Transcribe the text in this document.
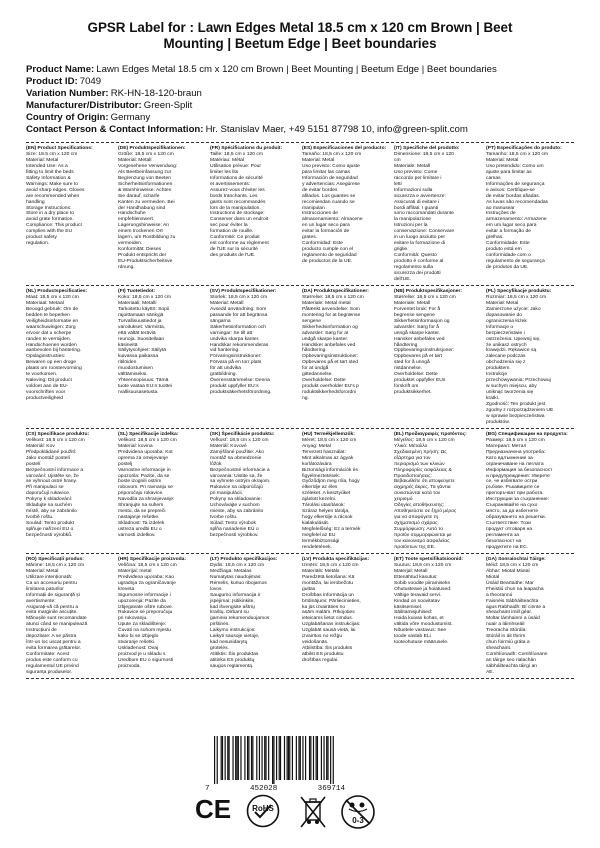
GPSR Label for : Lawn Edges Metal 18.5 cm x 120 cm Brown | Beet
Mounting | Beetum Edge | Beet boundaries
Product Name: Lawn Edges Metal 18.5 cm x 120 cm Brown | Beet Mounting | Beetum Edge | Beet boundaries
Product ID: 7049
Variation Number: RK-HN-18-120-braun
Manufacturer/Distributor: Green-Split
Country of Origin: Germany
Contact Person & Contact Information: Hr. Stanislav Maer, +49 5151 87798 10, info@green-split.com

(EN) Product Specifications:

Size: 18.5 cm x 120 cm

Material: Metal

Intended Use: As a

fitting to limit the beds

Safety Information &

Warnings: Make sure to

avoid sharp edges. Gloves

are recommended when

handling

Storage Instructions:

Store in a dry place to

avoid grate formation.

Compliance: This product

complies with the EU

product safety

regulation.

(DE) Produktspezifikationen:

Größe: 18,5 cm x 120 cm

Material: Metall

Vorgesehene Verwendung:

Als Beetbeinfassung zur

Begrenzung von Beeten

Sicherheitsinformationen

& Warnhinweise: Achten

Sie darauf, scharfe

Kanten zu vermeiden. Bei

der Handhabung sind

Handschuhe

empfehlenswert.

Lagerungshinweise: An

einem trockenen Ort

lagern, um Rostbildung zu

vermeiden.

Konformität: Dieses

Produkt entspricht der

EU-Produktsicherheitsve

rdnung.

(FR) Spécifications du produit:

Taille: 18,5 cm x 120 cm

Matériau: Métal

Utilisation prévue: Pour

limiter les lits

Informations de sécurité

et avertissements:

Assurez-vous d'éviter les

bords tranchants. Les

gants sont recommandés

lors de la manipulation.

Instructions de stockage:

Conserver dans un endroit

sec pour éviter la

formation de rouille.

Conformité: Ce produit

est conforme au règlement

de l'UE sur la sécurité

des produits de l'UE.

(ES) Especificaciones del producto:

Tamaño: 18,5 cm x 120 cm

Material: Metal

Uso previsto: Como ajuste

para limitar las camas

Información de seguridad

y advertencias: Asegúrese

de evitar bordes

afilados. Los guantes se

recomiendan cuando se

manipulan

Instrucciones de

almacenamiento: Almacene

en un lugar seco para

evitar la formación de

grates.

Conformidad: Este

producto cumple con el

reglamento de seguridad

de productos de la UE.

(IT) Specifiche del prodotto:

Dimensione: 18,5 cm x 120

cm

Materiale: Metall

Uso previsto: Come

raccordo per limitare i

letti

Informazioni sulla

sicurezza e avvertenze:

Assicurati di evitare i

bordi affilati. I guanti

sono raccomandati durante

la manipolazione

Istruzioni per la

conservazione: Conservare

in un luogo asciutto per

evitare la formazione di

griglie.

Conformità: Questo

prodotto è conforme al

regolamento sulla

sicurezza dei prodotti

dell'UE.

(PT) Especificações do produto:

Tamanho: 18,5 cm x 120 cm

Material: Metal

Uso pretendido: Como um

ajuste para limitar as

camas

Informações de segurança

e avisos: Certifique-se

de evitar bordas afiadas.

As luvas são recomendadas

ao manusear

Instruções de

armazenamento: Armazene

em um lugar seco para

evitar a formação de

grelhas.

Conformidade: Este

produto está em

conformidade com o

regulamento de segurança

de produtos da UE.

(NL) Productspecificaties:

Maat: 18,5 cm x 120 cm

Materiaal: Metaal

Beoogd gebruik: Om de

bedden te beperken

Veiligheidsinformatie en

waarschuwingen: Zorg

ervoor dat u scherpe

randen te vermijden.

Handschoenen worden

aanbevolen bij hantering.

Opslaginstructies:

Bewaren op een droge

plaats om roostervorming

te voorkomen.

Naleving: Dit product

voldoet aan de EU-

voorschriften voor

productveiligheid

(FI) Tuotetiedot:

Koko: 18,5 cm x 120 cm

Materiaali: Metalli

Tarkoitettu käyttö: Sopii

rajoittamaan sänkyjä

Turvallisuustiedot ja

varoitukset: Varmista,

että vältät teräviä

reunoja. Suositellaan

käsineitä

Säilytysohjeet: Säilytä

kuivassa paikassa

ritilöiden

muodostumisen

välttämiseksi.

Yhteensopivuus: Tämä

tuote vastaa EU:n tuottei

rvallisuusasetusta.

(SV) Produktspecifikationer:

Storlek: 18,5 cm x 120 cm

Material: Metall

Avsedd användning: Som

passande för att begränsa

sängarna

Säkerhetsinformation och

varningar: Se till att

undvika skarpa kanter.

Handskar rekommenderas

vid hantering.

Förvaringsinstruktioner:

Förvara på en torr plats

för att undvika

gratbildning.

Överensstämmelse: Denna

produkt uppfyller EU:s

produktsäkerhetsförordning.

(DA) Produktspecifikationer:

Størrelse: 18,5 cm x 120 cm

Materiale: Metal metal

Påtænkt anvendelse: Som

montering for at begrænse

sengene

Sikkerhedsinformation og

advarsler: Sørg for at

undgå skarpe kanter.

Handsker anbefales ved

håndtering.

Opbevaringsinstruktioner:

Opbevares på et tørt sted

for at undgå

gittedannelse.

Overholdelse: Dette

produkt overholder EU's p

roduktsikkerhedsforordni

ng.

(NB) Produktspesifikasjoner:

Størrelse: 18,5 cm x 120 cm

Materiale: Metall

Forventet bruk: For å

begrense sengene

Sikkerhetsinformasjon og

advarsler: Sørg for å

unngå skarpe kanter.

Hansker anbefales ved

håndtering

Oppbevaringsinstruksjoner:

Oppbevares på et tørt

sted for å unngå

ristdannelse.

Overholdelse: Dette

produktet oppfyller EUs

forskrift om

produktsikkerhet.

(PL) Specyfikacje produktu:

Rozmiar: 18,5 cm x 120 cm

Materiał: Metal

Zamierzone użycie: Jako

dopasowanie do

ograniczenia łóżek

Informacje o

bezpieczeństwie i

ostrzeżenia: Upewnij się,

że unikasz ostrych

krawędzi. Rękawice są

zalecane podczas

obchodzenia się z

produktem.

Instrukcje

przechowywania: Przechowuj

w suchym miejscu, aby

uniknąć tworzenia się

kratki.

Zgodność: Ten produkt jest

zgodny z rozporządzeniem UE

w sprawie bezpieczeństwa

produktów.

(CS) Specifikace produktu:

Velikost: 18,5 cm x 120 cm

Materiál: Kov

Předpokládané použití:

Jako montáž postelí

postelí

Bezpečnostní informace a

varování: Ujistěte se, že

se vyhnout ostré hrany.

Při manipulaci se

doporučují rukavice.

Pokyny k skladování:

Skladujte na suchém

místě, aby se zabránilo

tvorbě roštu.

Soulad: Tento produkt

splňuje nařízení EU o

bezpečnosti výrobků.

(SL) Specifikacije izdelka:

Velikost: 18,5 cm x 120 cm

Material: kovina

Predvidena uporaba: Kot

oprema za omejevanje

postelj

Varnostne informacije in

opozorila: Pazite, da se

boste izognili ostrim

robovom. Pri ravnanju se

priporočajo rokavice.

Navodila za shranjevanje:

Shranjujte na suhem

mestu, da se prepreči

nastajanje rešetke.

Skladnost: Ta izdelek

ustreza uredbi EU o

varnosti izdelkov.

(SK) Špecifikácie produktu:

Veľkosť: 18,5 cm x 120 cm

Materiál: Kovové

Zamýšľané použitie: Ako

montáž na obmedzenie

lôžok

Bezpečnostné informácie a

varovania: Uistite sa, že

sa vyhnete ostrým okrajom.

Rukavice sa odporúčajú

pri manipulácii.

Pokyny na skladovanie:

Uchovávajte v suchom

mieste, aby sa zabránilo

tvorbe roštu.

Súlad: Tento výrobok

spĺňa nariadenie EÚ o

bezpečnosti výrobkov.

(HU) Termékjellemzők:

Méret: 18,5 cm x 120 cm

Anyag: Metal

Tervezett használat:

Mint alkalmas az ágyak

korlátozására

Biztonsági információk és

figyelmeztetések:

Győződjön meg róla, hogy

elkerülje az éles

széleket. A kesztyűket

ajánlott kezelni.

Tárolási utasítások:

Száraz helyen tárolja,

hogy elkerülje a rácsok

kialakulását.

Megfelelőség: Ez a termék

megfelel az EU

termékbiztonsági

rendeletének.

(EL) Προδιαγραφές προϊόντος:

Μέγεθος: 18,5 cm x 120 cm

Υλικό: Μέταλλο

Σχεδιασμένη Χρήση: Ως

εξάρτημα για τον

περιορισμό των κλινών

Πληροφορίες ασφάλειας &

Προειδοποιήσεις:

Βεβαιωθείτε ότι αποφεύγετε

αιχμηρές άκρες. Τα γάντια

συνιστώνται κατά τον

χειρισμό

Οδηγίες αποθήκευσης:

Αποθηκεύστε σε ξηρό μέρος

για να αποφύγετε τη

σχηματισμό σχάρας.

Συμμόρφωση: Αυτό το

προϊόν συμμορφώνεται με

τον κανονισμό ασφαλείας

προϊόντων της ΕΕ.

(BG) Спецификации на продукта:

Размер: 18,5 cm x 120 cm

Материал: Метал

Предназначена употреба:

Като вдлъмнение за

ограничаване на леглата

Информация за безопасност

и предупреждения: Уверете

се, че избягвате остри

ръбове. Ръкавиците се

препоръчват при работа.

Инструкции за съхранение:

Съхранявайте на сухо

място, за да избегнете

образуването на решетки.

Съответствие: Този

продукт отговаря на

регламента за

безопасност на

продуктите на ЕС.

(RO) Specificații produs:

Mărime: 18,5 cm x 120 cm

Material: Metal

Utilizare intenționată:

Ca un accesoriu pentru

limitarea paturilor

Informații de siguranță și

avertismente:

Asigurați-vă că pentru a

evita marginile ascuțite.

Mănușile sunt recomandate

atunci când se manipulează

Instrucțiuni de

depozitare: A se păstra

într-un loc uscat pentru a

evita formarea grătarelor.

Conformitate: Acest

produs este conform cu

regulamentul UE privind

siguranța produselor.

(HR) Specifikacije proizvoda:

Veličina: 18,5 cm x 120 cm

Materijal: metal

Predviđena uporaba: Kao

ugradnja za ograničavanje

kreveta

Sigurnosne informacije i

upozorenja: Pazite da

izbjegavate oštre rubove.

Rukavice se preporučuju

pri rukovanju.

Upute za skladištenje:

Čuvati na suhom mjestu

kako bi se izbjeglo

stvaranje rešetki.

Usklađenost: Ovaj

proizvod je u skladu s

Uredbom EU o sigurnosti

proizvoda.

(LT) Produkto specifikacijos:

Dydis: 18,5 cm x 120 cm

Medžiaga: Metalas

Numatytas naudojimas:

Rėmelis, kuriuo ribojamos

lovos

Saugumo informacija ir

įspėjimai: Įsitikinkite,

kad išvengsite aštrių

kraštų. Dirbant su

gaminiu rekomenduojamos

pirštinės.

Laikymo instrukcijos:

Laikyti sausoje vietoje,

kad nesusidarytų

grotelės.

Atitiktis: Šis produktas

atitinka ES produktų

saugos reglamentą.

(LV) Produkta specifikācijas:

Izmērs: 18,5 cm x 120 cm

Materiāls: Metāls

Paredzētā lietošana: Kā

montāža, lai ierobežotu

gultas

Drošības informācija un

brīdinājumi: Pārliecinieties,

ka jūs izvairāties no

asām malām. Rīkojoties

ieteicams lietot cimdus.

Uzglabāšanas instrukcijas:

Uzglabāt sausā vietā, lai

izvairītos no režģu

veidošanās.

Atbilstība: Šis produkts

atbilst ES produktu

drošības regulai.

(ET) Toote spetsifikatsioonid:

Suurus: 18,5 cm x 120 cm

Materjal: Metall

Ettenähtud kasutus:

Sobib voodite piiramiseks

Ohutusteave ja hoiatused:

Vältige teravaid servi.

Kindad on soovitatav

käsitsemisel.

Säilitamisjuhised:

Hoida kuivas kohas, et

vältida võre moodustumist.

Nõuetele vastavus: See

toode vastab ELi

tooteohutuse määrusele.

(GA) Sonraíochtaí Táirge:

Méid: 18,5 cm x 120 cm

Ábhar: Miotal Miotal

Miotal

Úsáid Beartaithe: Mar

Fheistiú chun na leapacha

a theorannú

Faisnéis Sábháilteachta

agus Rabhaidh: Bí cinnte a

sheachaint imill géar.

Moltar lámhainní a úsáid

nuair a láimhseáil

Treoracha Stórála:

Stóráil in áit thirim

chun foirmiú gráta a

sheachaint.

Comhlíonadh: Comhlíonann

an táirge seo rialachán

sábháilteachta táirgí an

AE.

7	452028	369714
CE	RoHS
0-3
